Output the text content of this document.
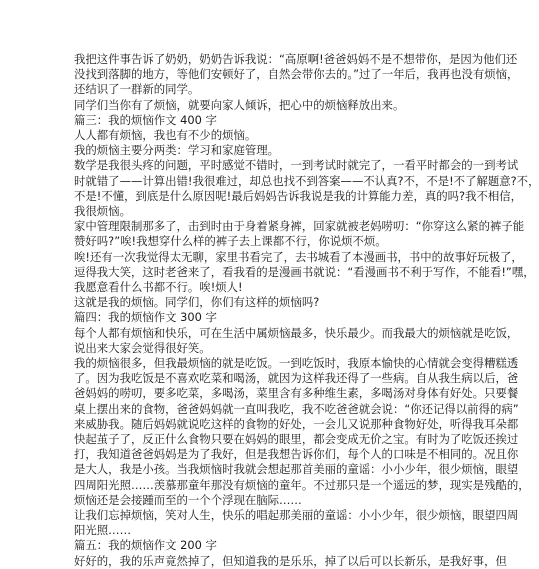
我把这件事告诉了奶奶，奶奶告诉我说：“高原啊!爸爸妈妈不是不想带你，是因为他们还
没找到落脚的地方，等他们安顿好了，自然会带你去的。”过了一年后，我再也没有烦恼，
还结识了一群新的同学。
同学们当你有了烦恼，就要向家人倾诉，把心中的烦恼释放出来。
篇三：我的烦恼作文 400 字
人人都有烦恼，我也有不少的烦恼。
我的烦恼主要分两类：学习和家庭管理。
数学是我很头疼的问题，平时感觉不错时，一到考试时就完了，一看平时都会的一到考试
时就错了——计算出错!我很难过，却总也找不到答案——不认真?不，不是!不了解题意?不，
不是!不懂，到底是什么原因呢!最后妈妈告诉我说是我的计算能力差，真的吗?我不相信，
我很烦恼。
家中管理限制那多了，击到时由于身着紧身裤，回家就被老妈唠叨：“你穿这么紧的裤子能
赞好吗?”唉!我想穿什么样的裤子去上课都不行，你说烦不烦。
唉!还有一次我觉得太无聊，家里书看完了，去书城看了本漫画书，书中的故事好玩极了，
逗得我大笑，这时老爸来了，看我看的是漫画书就说：“看漫画书不利于写作，不能看!”嘿，
我愿意看什么书都不行。唉!烦人!
这就是我的烦恼。同学们，你们有这样的烦恼吗?
篇四：我的烦恼作文 300 字
每个人都有烦恼和快乐，可在生活中属烦恼最多，快乐最少。而我最大的烦恼就是吃饭，
说出来大家会觉得很好笑。
我的烦恼很多，但我最烦恼的就是吃饭。一到吃饭时，我原本愉快的心情就会变得糟糕透
了。因为我吃饭是不喜欢吃菜和喝汤，就因为这样我还得了一些病。自从我生病以后，爸
爸妈妈的唠叨，要多吃菜，多喝汤，菜里含有多种维生素，多喝汤对身体有好处。只要餐
桌上摆出来的食物，爸爸妈妈就一直叫我吃，我不吃爸爸就会说：“你还记得以前得的病”
来威胁我。随后妈妈就说吃这样的食物的好处，一会儿又说那种食物好处，听得我耳朵都
快起茧子了，反正什么食物只要在妈妈的眼里，都会变成无价之宝。有时为了吃饭还挨过
打，我知道爸爸妈妈是为了我好，但是我想告诉你们，每个人的口味是不相同的。况且你
是大人，我是小孩。当我烦恼时我就会想起那首美丽的童谣：小小少年，很少烦恼，眼望
四周阳光照……羡慕那童年那没有烦恼的童年。不过那只是一个遥远的梦，现实是残酷的，
烦恼还是会接踵而至的一个个浮现在脑际……
让我们忘掉烦恼，笑对人生，快乐的唱起那美丽的童谣：小小少年，很少烦恼，眼望四周
阳光照……
篇五：我的烦恼作文 200 字
好好的，我的乐声竟然掉了，但知道我的是乐乐，掉了以后可以长新乐，是我好事，但
